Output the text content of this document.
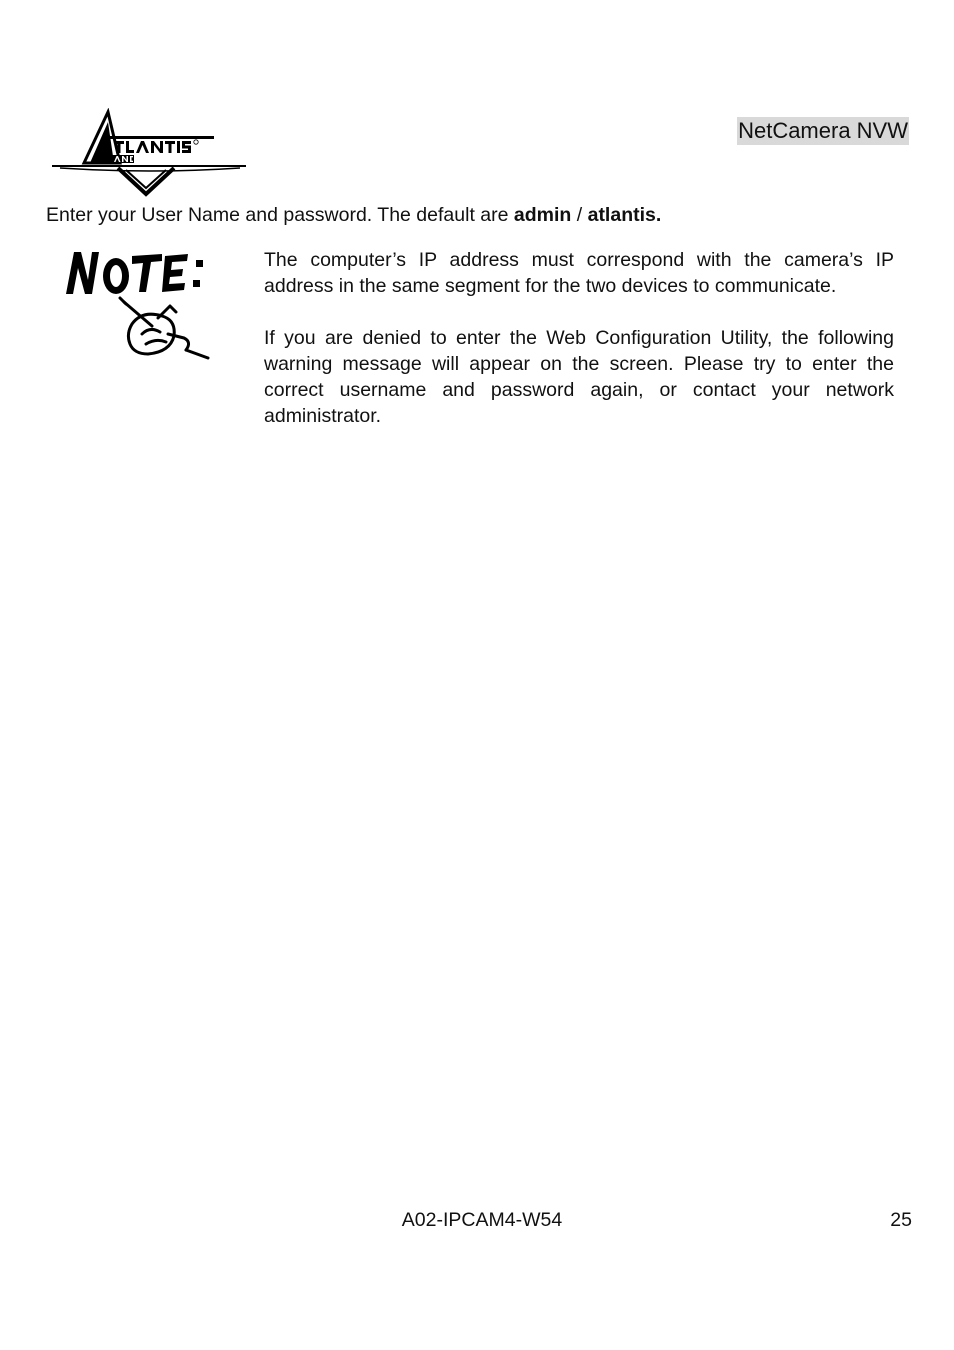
NetCamera NVW
Enter your User Name and password. The default are admin / atlantis.

The computer’s IP address must correspond with the camera’s IP address in the same segment for the two devices to communicate.

If you are denied to enter the Web Configuration Utility, the following warning message will appear on the screen. Please try to enter the correct username and password again, or contact your network administrator.

A02-IPCAM4-W54	25
